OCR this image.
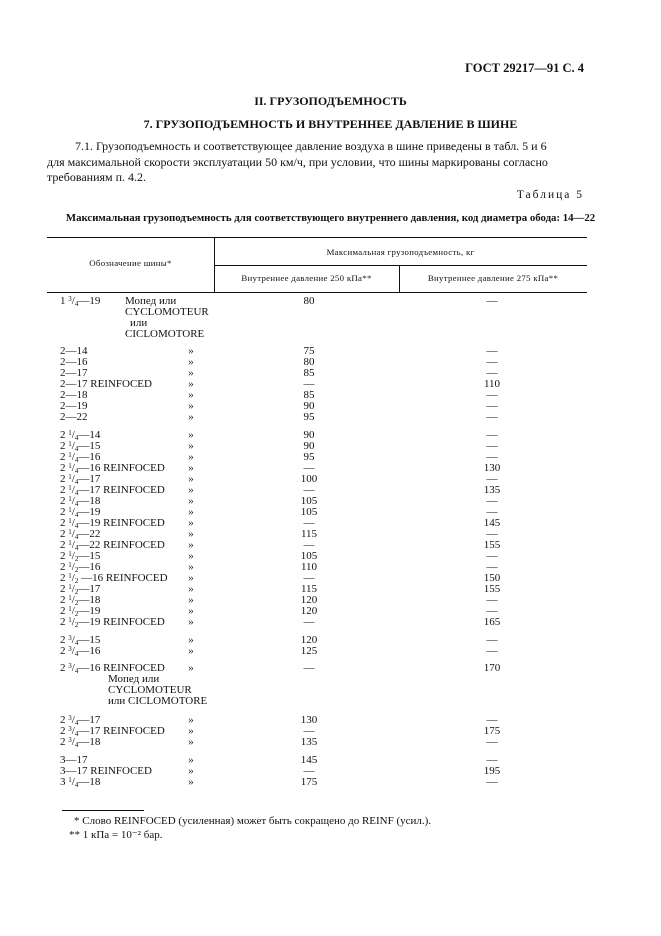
ГОСТ 29217—91 С. 4
II. ГРУЗОПОДЪЕМНОСТЬ
7. ГРУЗОПОДЪЕМНОСТЬ И ВНУТРЕННЕЕ ДАВЛЕНИЕ В ШИНЕ
7.1. Грузоподъемность и соответствующее давление воздуха в шине приведены в табл. 5 и 6
для максимальной скорости эксплуатации 50 км/ч, при условии, что шины маркированы согласно
требованиям п. 4.2.
Таблица 5
Максимальная грузоподъемность для соответствующего внутреннего давления, код диаметра обода: 14—22
Обозначение шины*
Максимальная грузоподъемность, кг
Внутреннее давление 250 кПа**	Внутреннее давление 275 кПа**
1 $^3/_4—19$	80	—
Мопед или
CYCLOMOTEUR
или
CICLOMOTORE
2—14	»	75	—
2—16	»	80	—
2—17	»	85	—
2—17 REINFOCED	»	—	110
2—18	»	85	—
2—19	»	90	—
2—22	»	95	—
2 $^1/_4—14$	»	90	—
2 $^1/_4—15$	»	90	—
2 $^1/_4—16$	»	95	—
2 $^1/_4—16$ REINFOCED »	—	130
2 $^1/_4—17$	»	100	—
2 $^1/_4—17$ REINFOCED »	—	135
2 $^1/_4—18$	»	105	—
2 $^1/_4—19$	»	105	—
2 $^1/_4—19$ REINFOCED »	—	145
2 $^1/_4—22$	»	115	—
2 $^1/_4—22$ REINFOCED »	—	155
2 $^1/_2—15$	»	105	—
2 $^1/_2—16$	»	110	—
2 $^1/_2$ —16 REINFOCED »	—	150
2 $^1/_2—17$	»	115	155
2 $^1/_2—18$	»	120	—
2 $^1/_2—19$	»	120	—
2 $^1/_2—19$ REINFOCED »	—	165
2 $^3/_4—15$	»	120	—
2 $^3/_4—16$	»	125	—
2 $^3/_4—16$ REINFOCED »	—	170
Мопед или
CYCLOMOTEUR
или CICLOMOTORE
2 $^3/_4—17$	»	130	—
2 $^3/_4—17$ REINFOCED »	—	175
2 $^3/_4—18$	»	135	—
3—17	»	145	—
3—17 REINFOCED	»	—	195
3 $^1/_4—18$	»	175	—
* Слово REINFOCED (усиленная) может быть сокращено до REINF (усил.).
** 1 кПа = 10⁻² бар.
